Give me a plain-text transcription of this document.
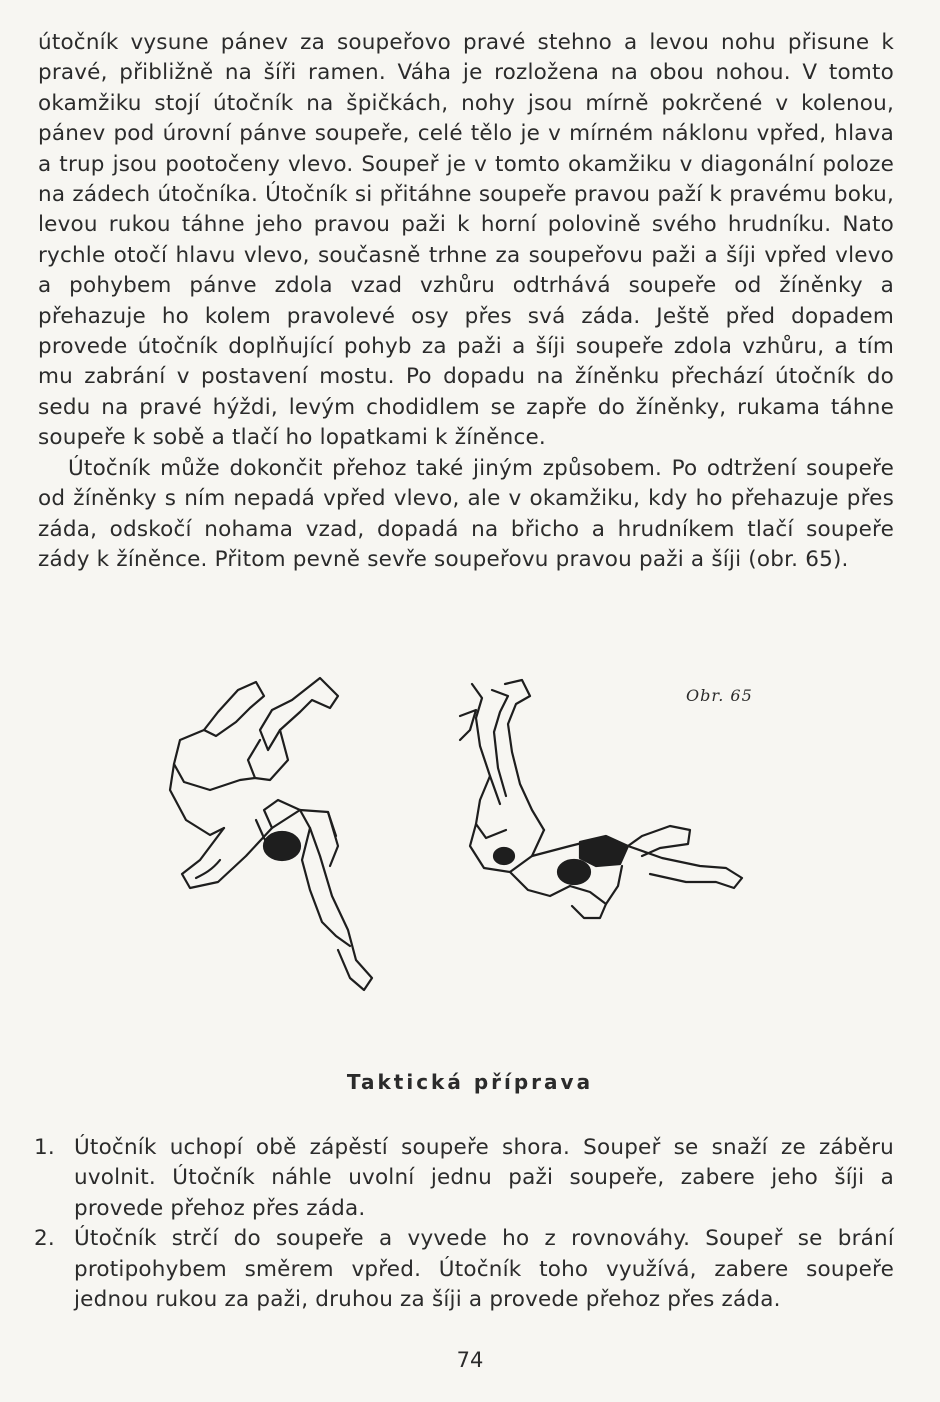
útočník vysune pánev za soupeřovo pravé stehno a levou nohu přisune k pravé, přibližně na šíři ramen. Váha je rozložena na obou nohou. V tomto okamžiku stojí útočník na špičkách, nohy jsou mírně pokrčené v kolenou, pánev pod úrovní pánve soupeře, celé tělo je v mírném náklonu vpřed, hlava a trup jsou pootočeny vlevo. Soupeř je v tomto okamžiku v diagonální poloze na zádech útočníka. Útočník si přitáhne soupeře pravou paží k pravému boku, levou rukou táhne jeho pravou paži k horní polovině svého hrudníku. Nato rychle otočí hlavu vlevo, současně trhne za soupeřovu paži a šíji vpřed vlevo a pohybem pánve zdola vzad vzhůru odtrhává soupeře od žíněnky a přehazuje ho kolem pravolevé osy přes svá záda. Ještě před dopadem provede útočník doplňující pohyb za paži a šíji soupeře zdola vzhůru, a tím mu zabrání v postavení mostu. Po dopadu na žíněnku přechází útočník do sedu na pravé hýždi, levým chodidlem se zapře do žíněnky, rukama táhne soupeře k sobě a tlačí ho lopatkami k žíněnce.

Útočník může dokončit přehoz také jiným způsobem. Po odtržení soupeře od žíněnky s ním nepadá vpřed vlevo, ale v okamžiku, kdy ho přehazuje přes záda, odskočí nohama vzad, dopadá na břicho a hrudníkem tlačí soupeře zády k žíněnce. Přitom pevně sevře soupeřovu pravou paži a šíji (obr. 65).

Obr. 65
Taktická příprava
1. Útočník uchopí obě zápěstí soupeře shora. Soupeř se snaží ze záběru uvolnit. Útočník náhle uvolní jednu paži soupeře, zabere jeho šíji a provede přehoz přes záda.
2. Útočník strčí do soupeře a vyvede ho z rovnováhy. Soupeř se brání protipohybem směrem vpřed. Útočník toho využívá, zabere soupeře jednou rukou za paži, druhou za šíji a provede přehoz přes záda.
74
